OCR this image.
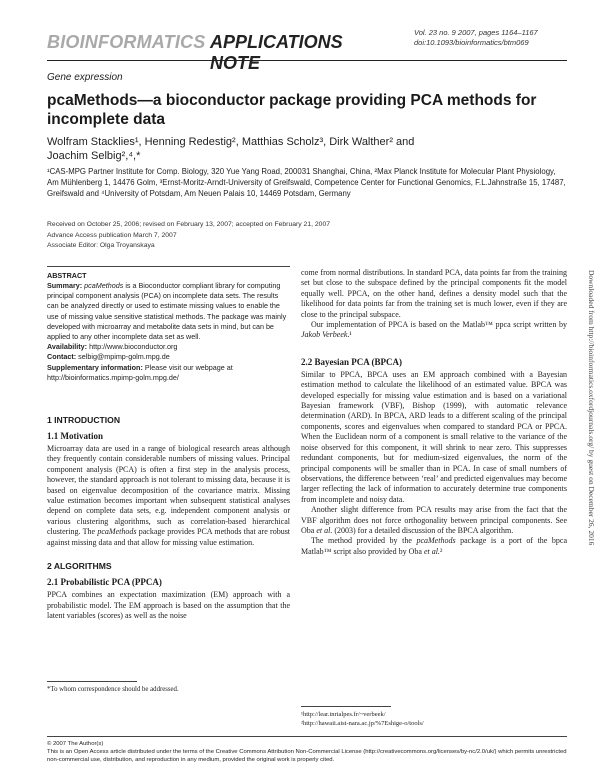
BIOINFORMATICS APPLICATIONS NOTE
Vol. 23 no. 9 2007, pages 1164–1167
doi:10.1093/bioinformatics/btm069
Gene expression
pcaMethods—a bioconductor package providing PCA methods for incomplete data
Wolfram Stacklies¹, Henning Redestig², Matthias Scholz³, Dirk Walther² and
Joachim Selbig²,⁴,*
¹CAS-MPG Partner Institute for Comp. Biology, 320 Yue Yang Road, 200031 Shanghai, China, ²Max Planck Institute for Molecular Plant Physiology, Am Mühlenberg 1, 14476 Golm, ³Ernst-Moritz-Arndt-University of Greifswald, Competence Center for Functional Genomics, F.L.Jahnstraße 15, 17487, Greifswald and ⁴University of Potsdam, Am Neuen Palais 10, 14469 Potsdam, Germany
Received on October 25, 2006; revised on February 13, 2007; accepted on February 21, 2007
Advance Access publication March 7, 2007
Associate Editor: Olga Troyanskaya
Downloaded from http://bioinformatics.oxfordjournals.org/ by guest on December 26, 2016

ABSTRACT

Summary: pcaMethods is a Bioconductor compliant library for computing principal component analysis (PCA) on incomplete data sets. The results can be analyzed directly or used to estimate missing values to enable the use of missing value sensitive statistical methods. The package was mainly developed with microarray and metabolite data sets in mind, but can be applied to any other incomplete data set as well.

Availability: http://www.bioconductor.org

Contact: selbig@mpimp-golm.mpg.de

Supplementary information: Please visit our webpage at http://bioinformatics.mpimp-golm.mpg.de/

1 INTRODUCTION

1.1 Motivation

Microarray data are used in a range of biological research areas although they frequently contain considerable numbers of missing values. Principal component analysis (PCA) is often a first step in the analysis process, however, the standard approach is not tolerant to missing data, because it is based on eigenvalue decomposition of the covariance matrix. Missing value estimation becomes important when subsequent statistical analyses depend on complete data sets, e.g. independent component analysis or various clustering algorithms, such as correlation-based hierarchical clustering. The pcaMethods package provides PCA methods that are robust against missing data and that allow for missing value estimation.

2 ALGORITHMS

2.1 Probabilistic PCA (PPCA)

PPCA combines an expectation maximization (EM) approach with a probabilistic model. The EM approach is based on the assumption that the latent variables (scores) as well as the noise

*To whom correspondence should be addressed.

come from normal distributions. In standard PCA, data points far from the training set but close to the subspace defined by the principal components fit the model equally well. PPCA, on the other hand, defines a density model such that the likelihood for data points far from the training set is much lower, even if they are close to the principal subspace.

Our implementation of PPCA is based on the Matlab™ ppca script written by Jakob Verbeek.¹

2.2 Bayesian PCA (BPCA)

Similar to PPCA, BPCA uses an EM approach combined with a Bayesian estimation method to calculate the likelihood of an estimated value. BPCA was developed especially for missing value estimation and is based on a variational Bayesian framework (VBF), Bishop (1999), with automatic relevance determination (ARD). In BPCA, ARD leads to a different scaling of the principal components, scores and eigenvalues when compared to standard PCA or PPCA. When the Euclidean norm of a component is small relative to the variance of the noise observed for this component, it will shrink to near zero. This suppresses redundant components, but for medium-sized eigenvalues, the norm of the principal components will be smaller than in PCA. In case of small numbers of observations, the difference between ‘real’ and predicted eigenvalues may become larger reflecting the lack of information to accurately determine true components from incomplete and noisy data.

Another slight difference from PCA results may arise from the fact that the VBF algorithm does not force orthogonality between principal components. See Oba et al. (2003) for a detailed discussion of the BPCA algorithm.

The method provided by the pcaMethods package is a port of the bpca Matlab™ script also provided by Oba et al.²

¹http://lear.inrialpes.fr/~verbeek/
²http://hawaii.aist-nara.ac.jp/%7Eshige-o/tools/
© 2007 The Author(s)
This is an Open Access article distributed under the terms of the Creative Commons Attribution Non-Commercial License (http://creativecommons.org/licenses/by-nc/2.0/uk/) which permits unrestricted non-commercial use, distribution, and reproduction in any medium, provided the original work is properly cited.
